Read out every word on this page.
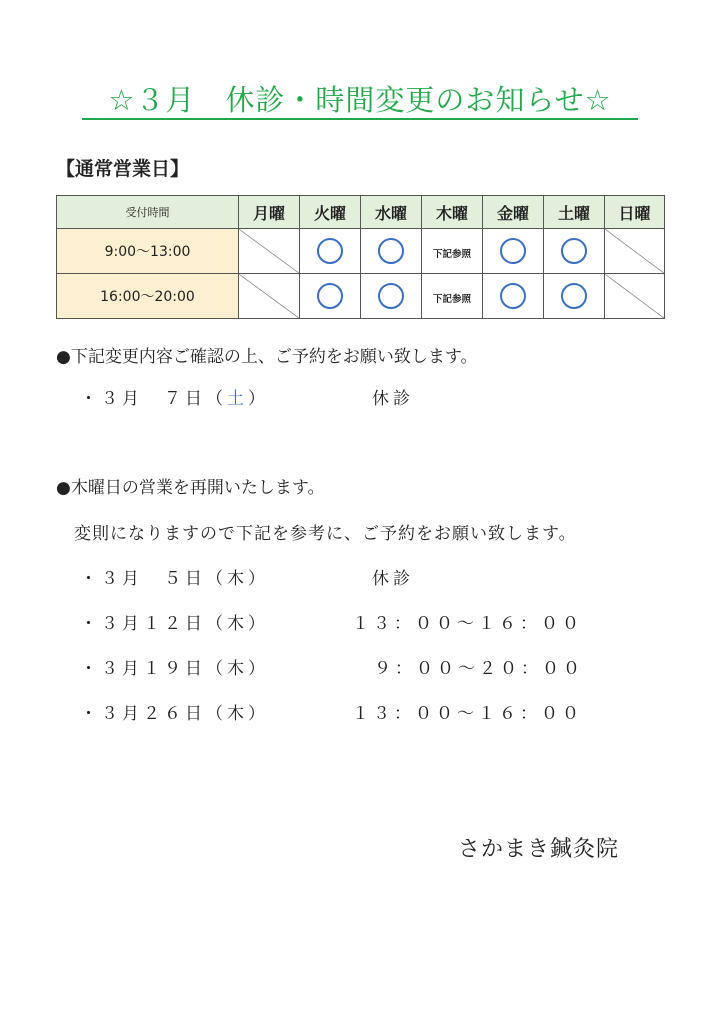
☆３月　休診・時間変更のお知らせ☆
【通常営業日】
受付時間	月曜	火曜	水曜	木曜	金曜	土曜	日曜
9:00〜13:00				下記参照			
16:00〜20:00				下記参照			
●下記変更内容ご確認の上、ご予約をお願い致します。
・３月　７日（土）	休診
●木曜日の営業を再開いたします。
変則になりますので下記を参考に、ご予約をお願い致します。
・３月　５日（木）	休診
・３月１２日（木）	１３：００〜１６：００
・３月１９日（木）	９：００〜２０：００
・３月２６日（木）	１３：００〜１６：００
さかまき鍼灸院
